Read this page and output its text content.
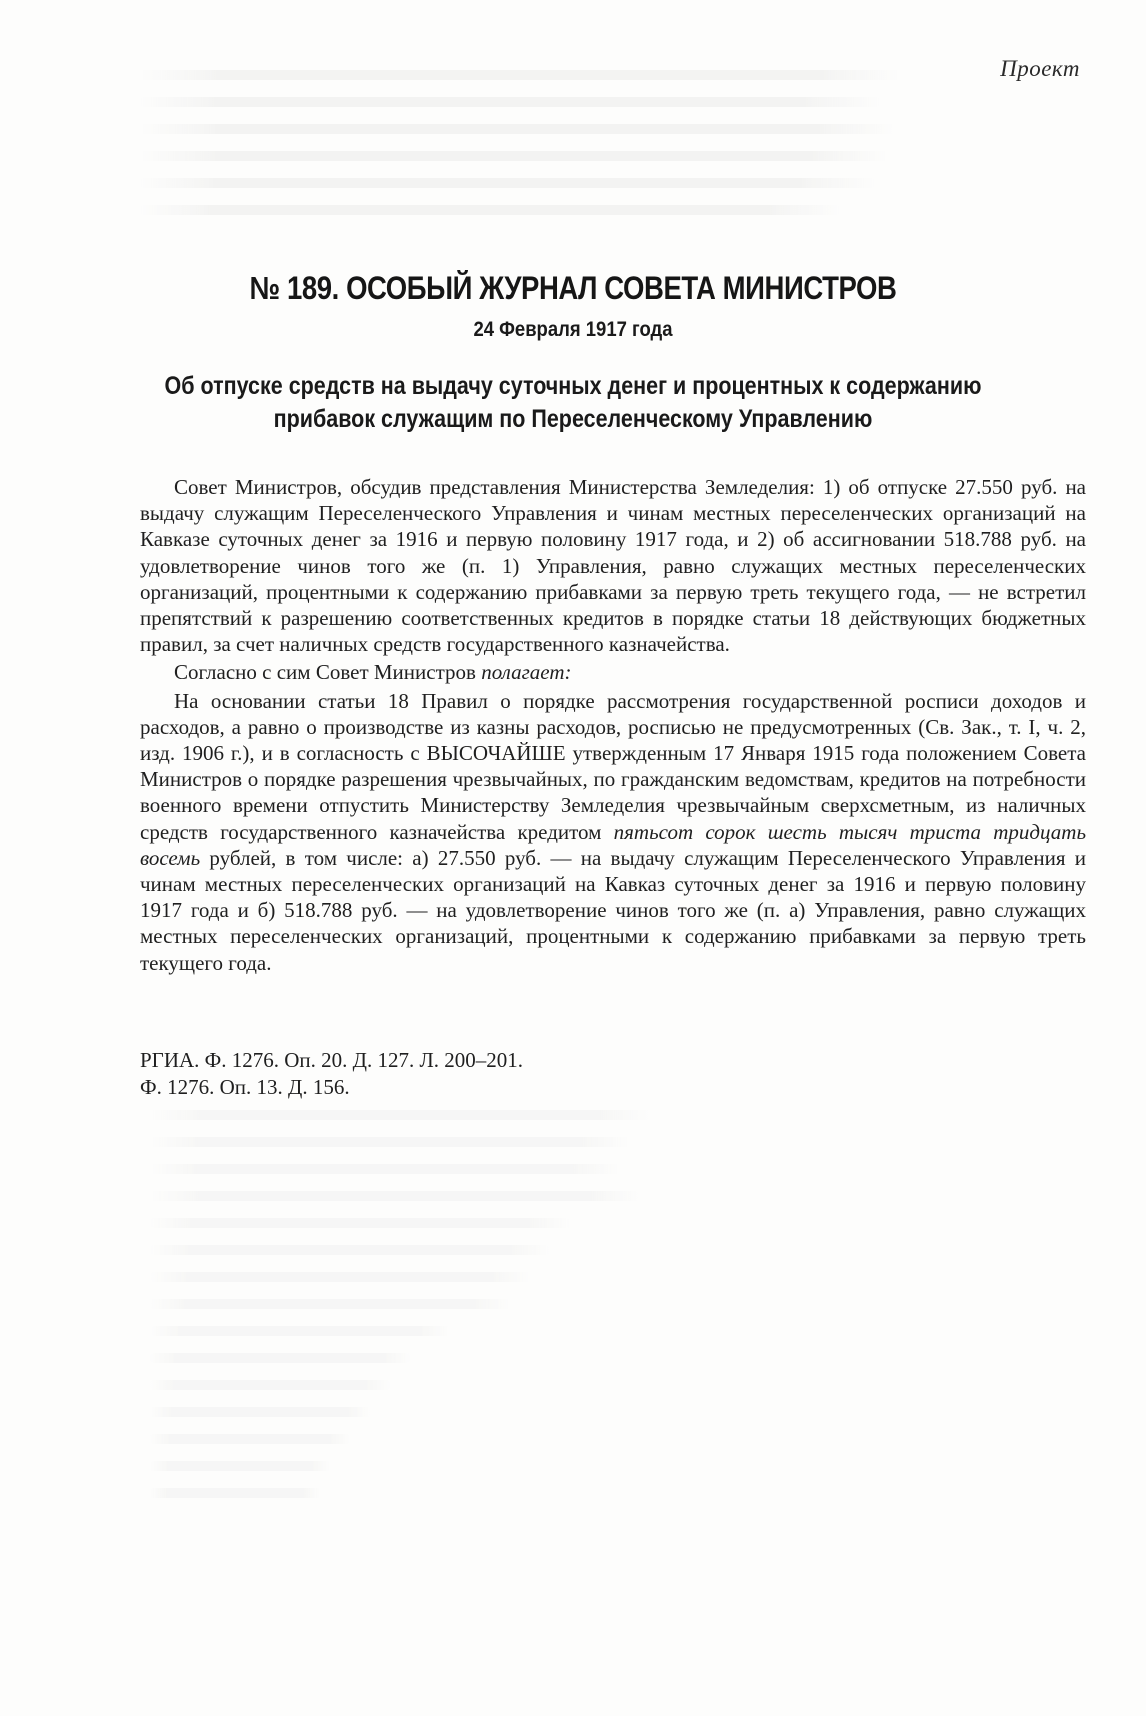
Проект
№ 189. ОСОБЫЙ ЖУРНАЛ СОВЕТА МИНИСТРОВ
24 Февраля 1917 года
Об отпуске средств на выдачу суточных денег и процентных к содержанию
прибавок служащим по Переселенческому Управлению

Совет Министров, обсудив представления Министерства Земледелия: 1) об отпуске 27.550 руб. на выдачу служащим Переселенческого Управления и чинам местных переселенческих организаций на Кавказе суточных денег за 1916 и первую половину 1917 года, и 2) об ассигновании 518.788 руб. на удовлетворение чинов того же (п. 1) Управления, равно служащих местных переселенческих организаций, процентными к содержанию прибавками за первую треть текущего года, — не встретил препятствий к разрешению соответственных кредитов в порядке статьи 18 действующих бюджетных правил, за счет наличных средств государственного казначейства.

Согласно с сим Совет Министров полагает:

На основании статьи 18 Правил о порядке рассмотрения государственной росписи доходов и расходов, а равно о производстве из казны расходов, росписью не предусмотренных (Св. Зак., т. I, ч. 2, изд. 1906 г.), и в согласность с ВЫСОЧАЙШЕ утвержденным 17 Января 1915 года положением Совета Министров о порядке разрешения чрезвычайных, по гражданским ведомствам, кредитов на потребности военного времени отпустить Министерству Земледелия чрезвычайным сверхсметным, из наличных средств государственного казначейства кредитом пятьсот сорок шесть тысяч триста тридцать восемь рублей, в том числе: а) 27.550 руб. — на выдачу служащим Переселенческого Управления и чинам местных переселенческих организаций на Кавказ суточных денег за 1916 и первую половину 1917 года и б) 518.788 руб. — на удовлетворение чинов того же (п. а) Управления, равно служащих местных переселенческих организаций, процентными к содержанию прибавками за первую треть текущего года.

РГИА. Ф. 1276. Оп. 20. Д. 127. Л. 200–201.
Ф. 1276. Оп. 13. Д. 156.
